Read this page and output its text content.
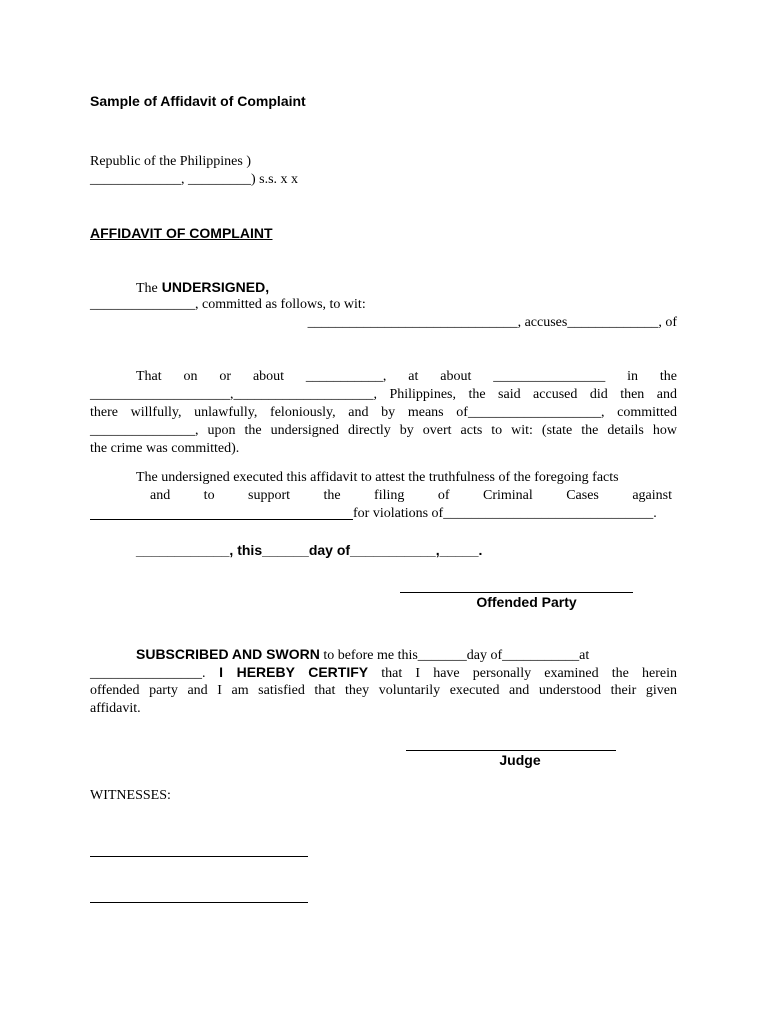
Sample of Affidavit of Complaint
Republic of the Philippines )
_____________, _________) s.s. x x
AFFIDAVIT OF COMPLAINT
The UNDERSIGNED,
_______________, committed as follows, to wit:
______________________________, accuses_____________, of
That on or about ___________, at about ________________ in the
____________________,____________________, Philippines, the said accused did then and
there willfully, unlawfully, feloniously, and by means of___________________, committed
_______________, upon the undersigned directly by overt acts to wit: (state the details how
the crime was committed).
The undersigned executed this affidavit to attest the truthfulness of the foregoing facts
and to support the filing of Criminal Cases against
for violations of______________________________.
____________, this______day of___________,_____.
Offended Party
SUBSCRIBED AND SWORN to before me this_______day of___________at
________________. I HEREBY CERTIFY that I have personally examined the herein
offended party and I am satisfied that they voluntarily executed and understood their given
affidavit.
Judge
WITNESSES:
